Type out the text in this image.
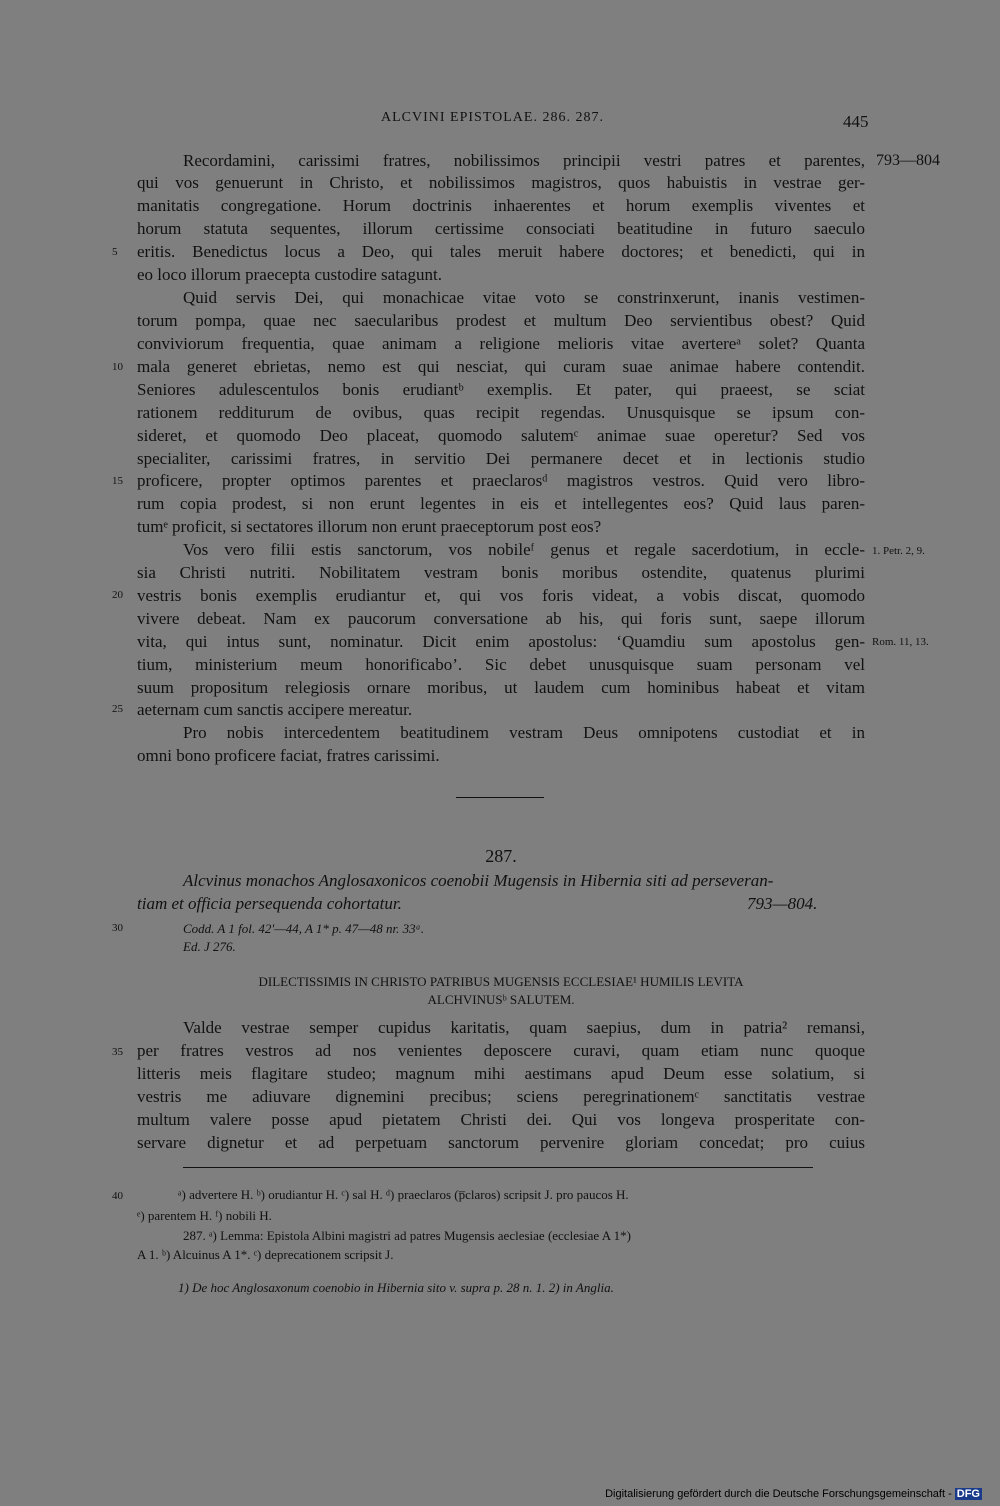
ALCVINI EPISTOLAE. 286. 287.	445
793—804
1. Petr. 2, 9.
Rom. 11, 13.
5
10
15
20
25
30
35
40
Recordamini, carissimi fratres, nobilissimos principii vestri patres et parentes,
qui vos genuerunt in Christo, et nobilissimos magistros, quos habuistis in vestrae ger-
manitatis congregatione. Horum doctrinis inhaerentes et horum exemplis viventes et
horum statuta sequentes, illorum certissime consociati beatitudine in futuro saeculo
eritis. Benedictus locus a Deo, qui tales meruit habere doctores; et benedicti, qui in
eo loco illorum praecepta custodire satagunt.
Quid servis Dei, qui monachicae vitae voto se constrinxerunt, inanis vestimen-
torum pompa, quae nec saecularibus prodest et multum Deo servientibus obest? Quid
conviviorum frequentia, quae animam a religione melioris vitae avertereᵃ solet? Quanta
mala generet ebrietas, nemo est qui nesciat, qui curam suae animae habere contendit.
Seniores adulescentulos bonis erudiantᵇ exemplis. Et pater, qui praeest, se sciat
rationem redditurum de ovibus, quas recipit regendas. Unusquisque se ipsum con-
sideret, et quomodo Deo placeat, quomodo salutemᶜ animae suae operetur? Sed vos
specialiter, carissimi fratres, in servitio Dei permanere decet et in lectionis studio
proficere, propter optimos parentes et praeclarosᵈ magistros vestros. Quid vero libro-
rum copia prodest, si non erunt legentes in eis et intellegentes eos? Quid laus paren-
tumᵉ proficit, si sectatores illorum non erunt praeceptorum post eos?
Vos vero filii estis sanctorum, vos nobileᶠ genus et regale sacerdotium, in eccle-
sia Christi nutriti. Nobilitatem vestram bonis moribus ostendite, quatenus plurimi
vestris bonis exemplis erudiantur et, qui vos foris videat, a vobis discat, quomodo
vivere debeat. Nam ex paucorum conversatione ab his, qui foris sunt, saepe illorum
vita, qui intus sunt, nominatur. Dicit enim apostolus: ‘Quamdiu sum apostolus gen-
tium, ministerium meum honorificabo’. Sic debet unusquisque suam personam vel
suum propositum relegiosis ornare moribus, ut laudem cum hominibus habeat et vitam
aeternam cum sanctis accipere mereatur.
Pro nobis intercedentem beatitudinem vestram Deus omnipotens custodiat et in
omni bono proficere faciat, fratres carissimi.
287.
Alcvinus monachos Anglosaxonicos coenobii Mugensis in Hibernia siti ad perseveran-
tiam et officia persequenda cohortatur.	793—804.
Codd. A 1 fol. 42'—44, A 1* p. 47—48 nr. 33ᵃ.
Ed. J 276.
DILECTISSIMIS IN CHRISTO PATRIBUS MUGENSIS ECCLESIAE¹ HUMILIS LEVITA
ALCHVINUSᵇ SALUTEM.
Valde vestrae semper cupidus karitatis, quam saepius, dum in patria² remansi,
per fratres vestros ad nos venientes deposcere curavi, quam etiam nunc quoque
litteris meis flagitare studeo; magnum mihi aestimans apud Deum esse solatium, si
vestris me adiuvare dignemini precibus; sciens peregrinationemᶜ sanctitatis vestrae
multum valere posse apud pietatem Christi dei. Qui vos longeva prosperitate con-
servare dignetur et ad perpetuam sanctorum pervenire gloriam concedat; pro cuius
ᵃ) advertere H. ᵇ) orudiantur H. ᶜ) sal H. ᵈ) praeclaros (p̅claros) scripsit J. pro paucos H.
ᵉ) parentem H. ᶠ) nobili H.
287. ᵃ) Lemma: Epistola Albini magistri ad patres Mugensis aeclesiae (ecclesiae A 1*)
A 1. ᵇ) Alcuinus A 1*. ᶜ) deprecationem scripsit J.
1) De hoc Anglosaxonum coenobio in Hibernia sito v. supra p. 28 n. 1. 2) in Anglia.
Digitalisierung gefördert durch die Deutsche Forschungsgemeinschaft - DFG
